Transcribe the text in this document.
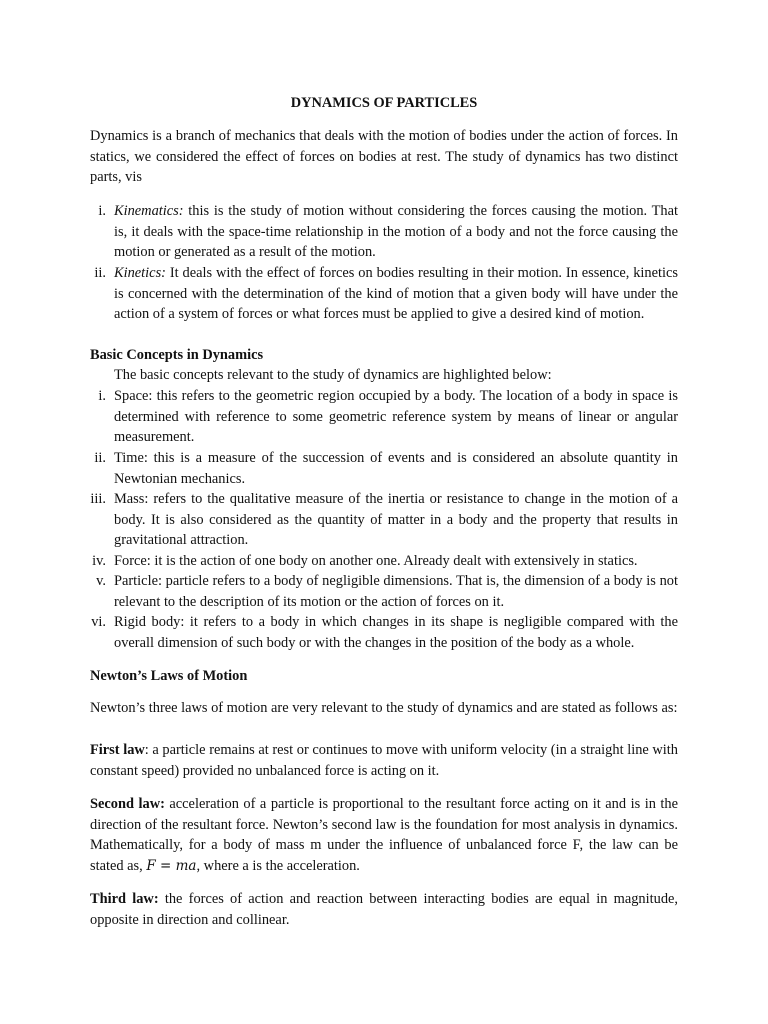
DYNAMICS OF PARTICLES

Dynamics is a branch of mechanics that deals with the motion of bodies under the action of forces. In statics, we considered the effect of forces on bodies at rest. The study of dynamics has two distinct parts, vis

i. Kinematics: this is the study of motion without considering the forces causing the motion. That is, it deals with the space-time relationship in the motion of a body and not the force causing the motion or generated as a result of the motion.
ii. Kinetics: It deals with the effect of forces on bodies resulting in their motion. In essence, kinetics is concerned with the determination of the kind of motion that a given body will have under the action of a system of forces or what forces must be applied to give a desired kind of motion.
Basic Concepts in Dynamics
The basic concepts relevant to the study of dynamics are highlighted below:
i. Space: this refers to the geometric region occupied by a body. The location of a body in space is determined with reference to some geometric reference system by means of linear or angular measurement.
ii. Time: this is a measure of the succession of events and is considered an absolute quantity in Newtonian mechanics.
iii. Mass: refers to the qualitative measure of the inertia or resistance to change in the motion of a body. It is also considered as the quantity of matter in a body and the property that results in gravitational attraction.
iv. Force: it is the action of one body on another one. Already dealt with extensively in statics.
v. Particle: particle refers to a body of negligible dimensions. That is, the dimension of a body is not relevant to the description of its motion or the action of forces on it.
vi. Rigid body: it refers to a body in which changes in its shape is negligible compared with the overall dimension of such body or with the changes in the position of the body as a whole.
Newton’s Laws of Motion

Newton’s three laws of motion are very relevant to the study of dynamics and are stated as follows as:

First law: a particle remains at rest or continues to move with uniform velocity (in a straight line with constant speed) provided no unbalanced force is acting on it.

Second law: acceleration of a particle is proportional to the resultant force acting on it and is in the direction of the resultant force. Newton’s second law is the foundation for most analysis in dynamics. Mathematically, for a body of mass m under the influence of unbalanced force F, the law can be stated as, F = ma, where a is the acceleration.

Third law: the forces of action and reaction between interacting bodies are equal in magnitude, opposite in direction and collinear.
